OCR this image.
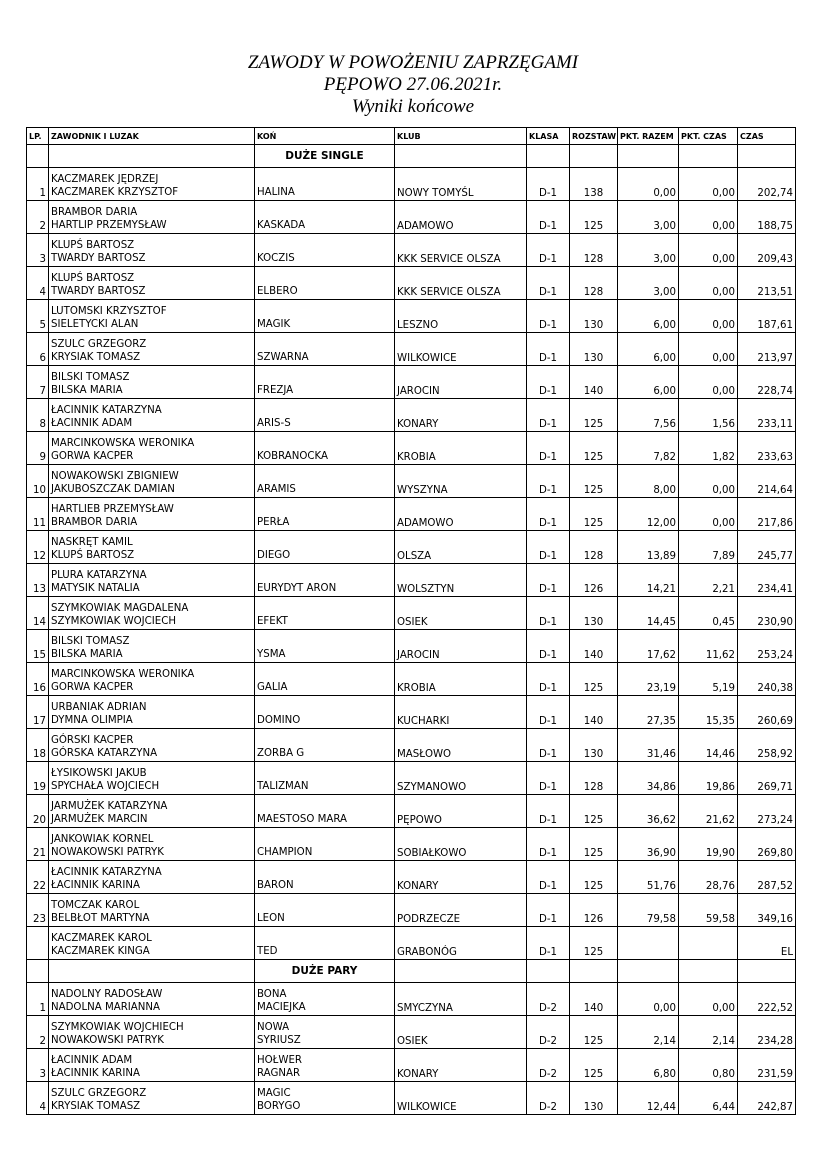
ZAWODY W POWOŻENIU ZAPRZĘGAMI
PĘPOWO 27.06.2021r.
Wyniki końcowe
LP.	ZAWODNIK I LUZAK	KOŃ	KLUB	KLASA	ROZSTAW	PKT. RAZEM	PKT. CZAS	CZAS
		DUŻE SINGLE						
1	KACZMAREK JĘDRZEJ
KACZMAREK KRZYSZTOF	HALINA	NOWY TOMYŚL	D-1	138	0,00	0,00	202,74
2	BRAMBOR DARIA
HARTLIP PRZEMYSŁAW	KASKADA	ADAMOWO	D-1	125	3,00	0,00	188,75
3	KLUPŚ BARTOSZ
TWARDY BARTOSZ	KOCZIS	KKK SERVICE OLSZA	D-1	128	3,00	0,00	209,43
4	KLUPŚ BARTOSZ
TWARDY BARTOSZ	ELBERO	KKK SERVICE OLSZA	D-1	128	3,00	0,00	213,51
5	LUTOMSKI KRZYSZTOF
SIELETYCKI ALAN	MAGIK	LESZNO	D-1	130	6,00	0,00	187,61
6	SZULC GRZEGORZ
KRYSIAK TOMASZ	SZWARNA	WILKOWICE	D-1	130	6,00	0,00	213,97
7	BILSKI TOMASZ
BILSKA MARIA	FREZJA	JAROCIN	D-1	140	6,00	0,00	228,74
8	ŁACINNIK KATARZYNA
ŁACINNIK ADAM	ARIS-S	KONARY	D-1	125	7,56	1,56	233,11
9	MARCINKOWSKA WERONIKA
GORWA KACPER	KOBRANOCKA	KROBIA	D-1	125	7,82	1,82	233,63
10	NOWAKOWSKI ZBIGNIEW
JAKUBOSZCZAK DAMIAN	ARAMIS	WYSZYNA	D-1	125	8,00	0,00	214,64
11	HARTLIEB PRZEMYSŁAW
BRAMBOR DARIA	PERŁA	ADAMOWO	D-1	125	12,00	0,00	217,86
12	NASKRĘT KAMIL
KLUPŚ BARTOSZ	DIEGO	OLSZA	D-1	128	13,89	7,89	245,77
13	PLURA KATARZYNA
MATYSIK NATALIA	EURYDYT ARON	WOLSZTYN	D-1	126	14,21	2,21	234,41
14	SZYMKOWIAK MAGDALENA
SZYMKOWIAK WOJCIECH	EFEKT	OSIEK	D-1	130	14,45	0,45	230,90
15	BILSKI TOMASZ
BILSKA MARIA	YSMA	JAROCIN	D-1	140	17,62	11,62	253,24
16	MARCINKOWSKA WERONIKA
GORWA KACPER	GALIA	KROBIA	D-1	125	23,19	5,19	240,38
17	URBANIAK ADRIAN
DYMNA OLIMPIA	DOMINO	KUCHARKI	D-1	140	27,35	15,35	260,69
18	GÓRSKI KACPER
GÓRSKA KATARZYNA	ZORBA G	MASŁOWO	D-1	130	31,46	14,46	258,92
19	ŁYSIKOWSKI JAKUB
SPYCHAŁA WOJCIECH	TALIZMAN	SZYMANOWO	D-1	128	34,86	19,86	269,71
20	JARMUŻEK KATARZYNA
JARMUŻEK MARCIN	MAESTOSO MARA	PĘPOWO	D-1	125	36,62	21,62	273,24
21	JANKOWIAK KORNEL
NOWAKOWSKI PATRYK	CHAMPION	SOBIAŁKOWO	D-1	125	36,90	19,90	269,80
22	ŁACINNIK KATARZYNA
ŁACINNIK KARINA	BARON	KONARY	D-1	125	51,76	28,76	287,52
23	TOMCZAK KAROL
BELBŁOT MARTYNA	LEON	PODRZECZE	D-1	126	79,58	59,58	349,16

	KACZMAREK KAROL
KACZMAREK KINGA	TED	GRABONÓG	D-1	125			EL
		DUŻE PARY						
1	NADOLNY RADOSŁAW
NADOLNA MARIANNA	BONA
MACIEJKA	SMYCZYNA	D-2	140	0,00	0,00	222,52
2	SZYMKOWIAK WOJCHIECH
NOWAKOWSKI PATRYK	NOWA
SYRIUSZ	OSIEK	D-2	125	2,14	2,14	234,28
3	ŁACINNIK ADAM
ŁACINNIK KARINA	HOŁWER
RAGNAR	KONARY	D-2	125	6,80	0,80	231,59
4	SZULC GRZEGORZ
KRYSIAK TOMASZ	MAGIC
BORYGO	WILKOWICE	D-2	130	12,44	6,44	242,87
